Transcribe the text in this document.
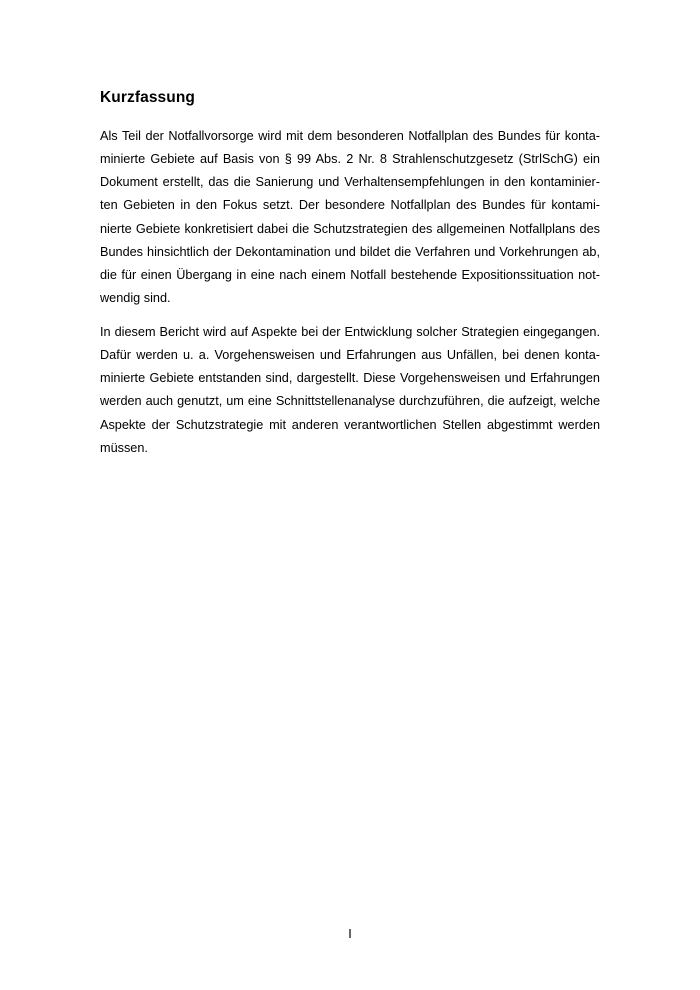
Kurzfassung
Als Teil der Notfallvorsorge wird mit dem besonderen Notfallplan des Bundes für konta-
minierte Gebiete auf Basis von § 99 Abs. 2 Nr. 8 Strahlenschutzgesetz (StrlSchG) ein
Dokument erstellt, das die Sanierung und Verhaltensempfehlungen in den kontaminier-
ten Gebieten in den Fokus setzt. Der besondere Notfallplan des Bundes für kontami-
nierte Gebiete konkretisiert dabei die Schutzstrategien des allgemeinen Notfallplans des
Bundes hinsichtlich der Dekontamination und bildet die Verfahren und Vorkehrungen ab,
die für einen Übergang in eine nach einem Notfall bestehende Expositionssituation not-
wendig sind.
In diesem Bericht wird auf Aspekte bei der Entwicklung solcher Strategien eingegangen.
Dafür werden u. a. Vorgehensweisen und Erfahrungen aus Unfällen, bei denen konta-
minierte Gebiete entstanden sind, dargestellt. Diese Vorgehensweisen und Erfahrungen
werden auch genutzt, um eine Schnittstellenanalyse durchzuführen, die aufzeigt, welche
Aspekte der Schutzstrategie mit anderen verantwortlichen Stellen abgestimmt werden
müssen.

I
